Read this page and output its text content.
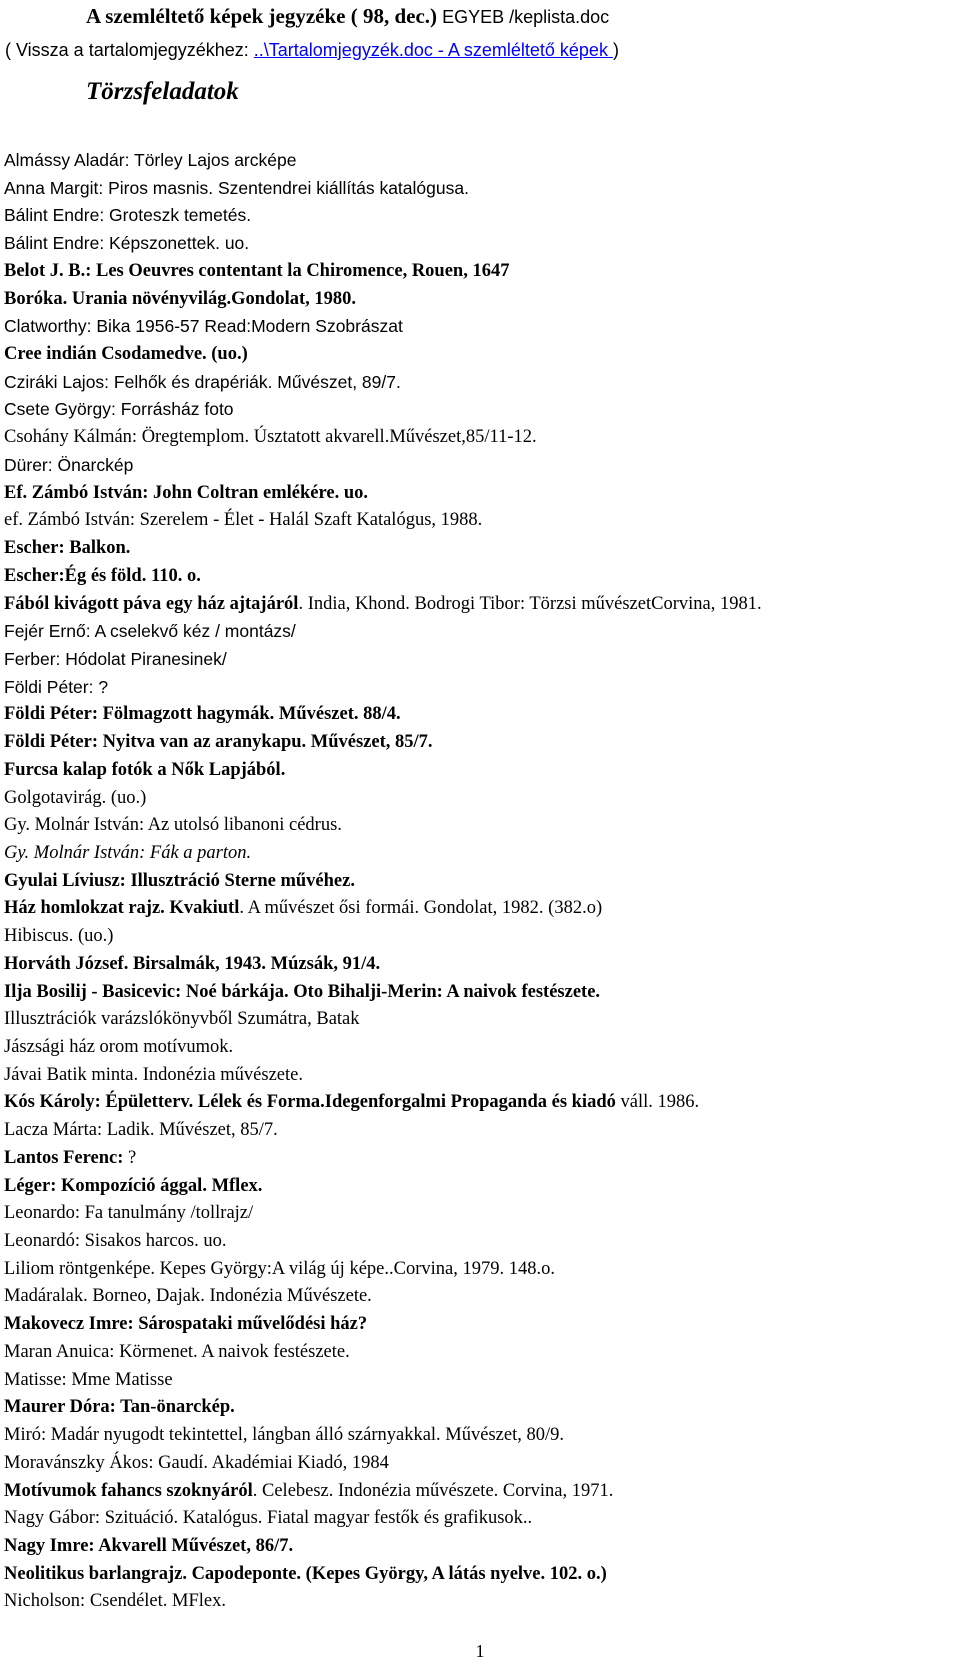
A szemléltető képek jegyzéke ( 98, dec.) EGYEB /keplista.doc
( Vissza a tartalomjegyzékhez: ..\Tartalomjegyzék.doc - A szemléltető képek )
Törzsfeladatok
Almássy Aladár: Törley Lajos arcképe
Anna Margit: Piros masnis. Szentendrei kiállítás katalógusa.
Bálint Endre: Groteszk temetés.
Bálint Endre: Képszonettek. uo.
Belot J. B.: Les Oeuvres contentant la Chiromence, Rouen, 1647
Boróka. Urania növényvilág.Gondolat, 1980.
Clatworthy: Bika 1956-57 Read:Modern Szobrászat
Cree indián Csodamedve. (uo.)
Cziráki Lajos: Felhők és drapériák. Művészet, 89/7.
Csete György: Forrásház foto
Csohány Kálmán: Öregtemplom. Úsztatott akvarell.Művészet,85/11-12.
Dürer: Önarckép
Ef. Zámbó István: John Coltran emlékére. uo.
ef. Zámbó István: Szerelem - Élet - Halál Szaft Katalógus, 1988.
Escher: Balkon.
Escher:Ég és föld. 110. o.
Fából kivágott páva egy ház ajtajáról. India, Khond. Bodrogi Tibor: Törzsi művészetCorvina, 1981.
Fejér Ernő: A cselekvő kéz / montázs/
Ferber: Hódolat Piranesinek/
Földi Péter: ?
Földi Péter: Fölmagzott hagymák. Művészet. 88/4.
Földi Péter: Nyitva van az aranykapu. Művészet, 85/7.
Furcsa kalap fotók a Nők Lapjából.
Golgotavirág. (uo.)
Gy. Molnár István: Az utolsó libanoni cédrus.
Gy. Molnár István: Fák a parton.
Gyulai Líviusz: Illusztráció Sterne művéhez.
Ház homlokzat rajz. Kvakiutl. A művészet ősi formái. Gondolat, 1982. (382.o)
Hibiscus. (uo.)
Horváth József. Birsalmák, 1943. Múzsák, 91/4.
Ilja Bosilij - Basicevic: Noé bárkája. Oto Bihalji-Merin: A naivok festészete.
Illusztrációk varázslókönyvből Szumátra, Batak
Jászsági ház orom motívumok.
Jávai Batik minta. Indonézia művészete.
Kós Károly: Épületterv. Lélek és Forma.Idegenforgalmi Propaganda és kiadó váll. 1986.
Lacza Márta: Ladik. Művészet, 85/7.
Lantos Ferenc: ?
Léger: Kompozíció ággal. Mflex.
Leonardo: Fa tanulmány /tollrajz/
Leonardó: Sisakos harcos. uo.
Liliom röntgenképe. Kepes György:A világ új képe..Corvina, 1979. 148.o.
Madáralak. Borneo, Dajak. Indonézia Művészete.
Makovecz Imre: Sárospataki művelődési ház?
Maran Anuica: Körmenet. A naivok festészete.
Matisse: Mme Matisse
Maurer Dóra: Tan-önarckép.
Miró: Madár nyugodt tekintettel, lángban álló szárnyakkal. Művészet, 80/9.
Moravánszky Ákos: Gaudí. Akadémiai Kiadó, 1984
Motívumok fahancs szoknyáról. Celebesz. Indonézia művészete. Corvina, 1971.
Nagy Gábor: Szituáció. Katalógus. Fiatal magyar festők és grafikusok..
Nagy Imre: Akvarell Művészet, 86/7.
Neolitikus barlangrajz. Capodeponte. (Kepes György, A látás nyelve. 102. o.)
Nicholson: Csendélet. MFlex.
1
